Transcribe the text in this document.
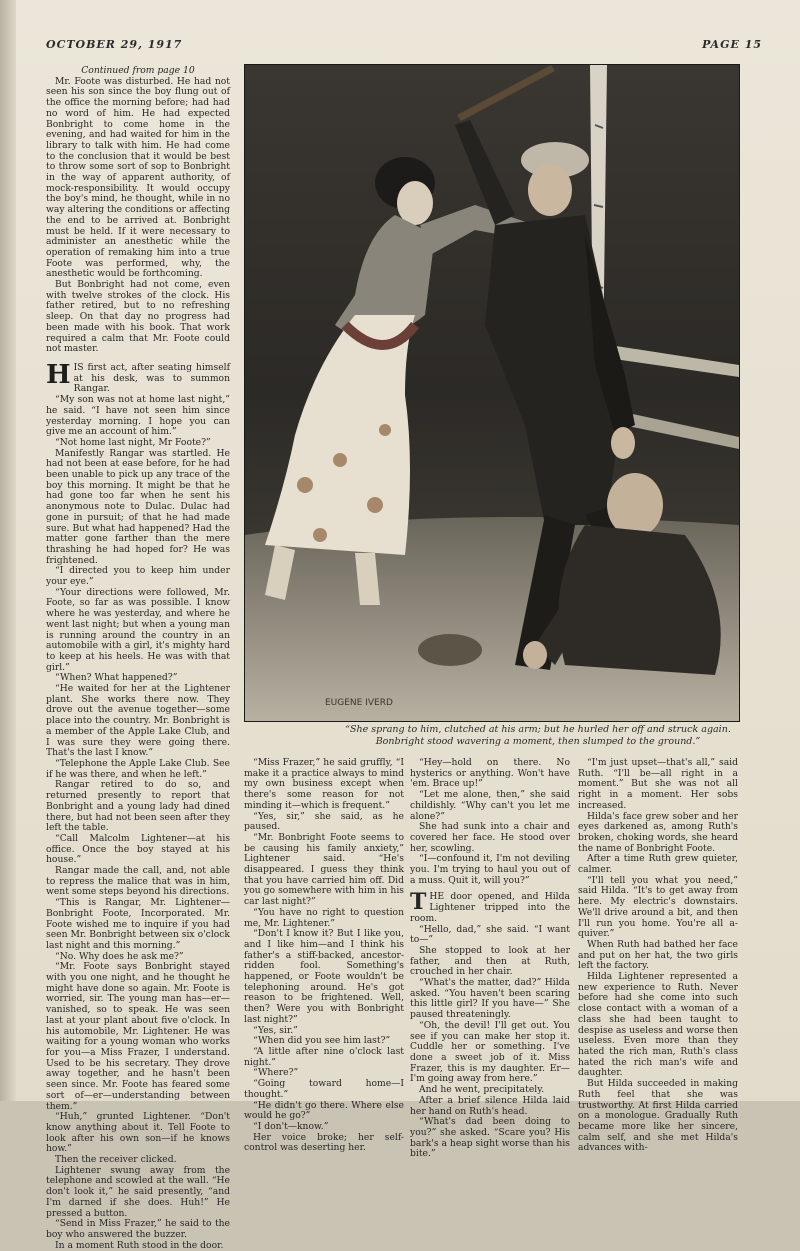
OCTOBER 29, 1917	PAGE 15

Continued from page 10

Mr. Foote was disturbed. He had not seen his son since the boy flung out of the office the morning before; had had no word of him. He had expected Bonbright to come home in the evening, and had waited for him in the library to talk with him. He had come to the conclusion that it would be best to throw some sort of sop to Bonbright in the way of apparent authority, of mock-responsibility. It would occupy the boy's mind, he thought, while in no way altering the conditions or affecting the end to be arrived at. Bonbright must be held. If it were necessary to administer an anesthetic while the operation of remaking him into a true Foote was performed, why, the anesthetic would be forthcoming.

But Bonbright had not come, even with twelve strokes of the clock. His father retired, but to no refreshing sleep. On that day no progress had been made with his book. That work required a calm that Mr. Foote could not master.

HIS first act, after seating himself at his desk, was to summon Rangar.

“My son was not at home last night,” he said. “I have not seen him since yesterday morning. I hope you can give me an account of him.”

“Not home last night, Mr Foote?”

Manifestly Rangar was startled. He had not been at ease before, for he had been unable to pick up any trace of the boy this morning. It might be that he had gone too far when he sent his anonymous note to Dulac. Dulac had gone in pursuit; of that he had made sure. But what had happened? Had the matter gone farther than the mere thrashing he had hoped for? He was frightened.

“I directed you to keep him under your eye.”

“Your directions were followed, Mr. Foote, so far as was possible. I know where he was yesterday, and where he went last night; but when a young man is running around the country in an automobile with a girl, it's mighty hard to keep at his heels. He was with that girl.”

“When? What happened?”

“He waited for her at the Lightener plant. She works there now. They drove out the avenue together—some place into the country. Mr. Bonbright is a member of the Apple Lake Club, and I was sure they were going there. That's the last I know.”

“Telephone the Apple Lake Club. See if he was there, and when he left.”

Rangar retired to do so, and returned presently to report that Bonbright and a young lady had dined there, but had not been seen after they left the table.

“Call Malcolm Lightener—at his office. Once the boy stayed at his house.”

Rangar made the call, and, not able to repress the malice that was in him, went some steps beyond his directions.

“This is Rangar, Mr. Lightener—Bonbright Foote, Incorporated. Mr. Foote wished me to inquire if you had seen Mr. Bonbright between six o'clock last night and this morning.”

“No. Why does he ask me?”

“Mr. Foote says Bonbright stayed with you one night, and he thought he might have done so again. Mr. Foote is worried, sir. The young man has—er—vanished, so to speak. He was seen last at your plant about five o'clock. In his automobile, Mr. Lightener. He was waiting for a young woman who works for you—a Miss Frazer, I understand. Used to be his secretary. They drove away together, and he hasn't been seen since. Mr. Foote has feared some sort of—er—understanding between them.”

“Huh,” grunted Lightener. “Don't know anything about it. Tell Foote to look after his own son—if he knows how.”

Then the receiver clicked.

Lightener swung away from the telephone and scowled at the wall. “He don't look it,” he said presently, “and I'm darned if she does. Huh!” He pressed a button.

“Send in Miss Frazer,” he said to the boy who answered the buzzer.

In a moment Ruth stood in the door.

EUGENE IVERD
“She sprang to him, clutched at his arm; but he hurled her off and struck again. Bonbright stood wavering a moment, then slumped to the ground.”

“Miss Frazer,” he said gruffly, “I make it a practice always to mind my own business except when there's some reason for not minding it—which is frequent.”

“Yes, sir,” she said, as he paused.

“Mr. Bonbright Foote seems to be causing his family anxiety,” Lightener said. “He's disappeared. I guess they think that you have carried him off. Did you go somewhere with him in his car last night?”

“You have no right to question me, Mr. Lightener.”

“Don't I know it? But I like you, and I like him—and I think his father's a stiff-backed, ancestor-ridden fool. Something's happened, or Foote wouldn't be telephoning around. He's got reason to be frightened. Well, then? Were you with Bonbright last night?”

“Yes, sir.”

“When did you see him last?”

“A little after nine o'clock last night.”

“Where?”

“Going toward home—I thought.”

“He didn't go there. Where else would he go?”

“I don't—know.”

Her voice broke; her self-control was deserting her.

“Hey—hold on there. No hysterics or anything. Won't have 'em. Brace up!”

“Let me alone, then,” she said childishly. “Why can't you let me alone?”

She had sunk into a chair and covered her face. He stood over her, scowling.

“I—confound it, I'm not deviling you. I'm trying to haul you out of a muss. Quit it, will you?”

THE door opened, and Hilda Lightener tripped into the room.

“Hello, dad,” she said. “I want to—”

She stopped to look at her father, and then at Ruth, crouched in her chair.

“What's the matter, dad?” Hilda asked. “You haven't been scaring this little girl? If you have—” She paused threateningly.

“Oh, the devil! I'll get out. You see if you can make her stop it. Cuddle her or something. I've done a sweet job of it. Miss Frazer, this is my daughter. Er—I'm going away from here.”

And he went, precipitately.

After a brief silence Hilda laid her hand on Ruth's head.

“What's dad been doing to you?” she asked. “Scare you? His bark's a heap sight worse than his bite.”

“I'm just upset—that's all,” said Ruth. “I'll be—all right in a moment.” But she was not all right in a moment. Her sobs increased.

Hilda's face grew sober and her eyes darkened as, among Ruth's broken, choking words, she heard the name of Bonbright Foote.

After a time Ruth grew quieter, calmer.

“I'll tell you what you need,” said Hilda. “It's to get away from here. My electric's downstairs. We'll drive around a bit, and then I'll run you home. You're all a-quiver.”

When Ruth had bathed her face and put on her hat, the two girls left the factory.

Hilda Lightener represented a new experience to Ruth. Never before had she come into such close contact with a woman of a class she had been taught to despise as useless and worse then useless. Even more than they hated the rich man, Ruth's class hated the rich man's wife and daughter.

But Hilda succeeded in making Ruth feel that she was trustworthy. At first Hilda carried on a monologue. Gradually Ruth became more like her sincere, calm self, and she met Hilda's advances with-
